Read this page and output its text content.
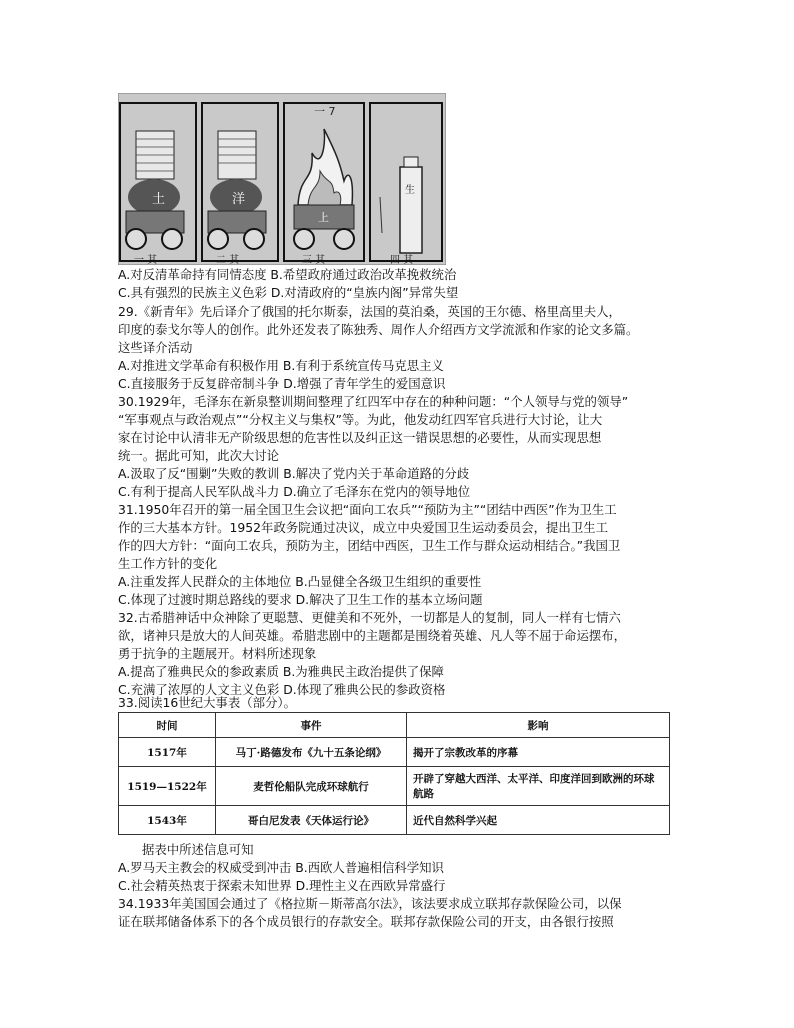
一 7
土	洋
上
生
一 其	二 其	三 其	四 其
A.对反清革命持有同情态度 B.希望政府通过政治改革挽救统治
C.具有强烈的民族主义色彩 D.对清政府的“皇族内阁”异常失望
29.《新青年》先后译介了俄国的托尔斯泰，法国的莫泊桑，英国的王尔德、格里高里夫人，
印度的泰戈尔等人的创作。此外还发表了陈独秀、周作人介绍西方文学流派和作家的论文多篇。
这些译介活动
A.对推进文学革命有积极作用 B.有利于系统宣传马克思主义
C.直接服务于反复辟帝制斗争 D.增强了青年学生的爱国意识
30.1929年，毛泽东在新泉整训期间整理了红四军中存在的种种问题：“个人领导与党的领导”
“军事观点与政治观点”“分权主义与集权”等。为此，他发动红四军官兵进行大讨论，让大
家在讨论中认清非无产阶级思想的危害性以及纠正这一错误思想的必要性，从而实现思想
统一。据此可知，此次大讨论
A.汲取了反“围剿”失败的教训 B.解决了党内关于革命道路的分歧
C.有利于提高人民军队战斗力 D.确立了毛泽东在党内的领导地位
31.1950年召开的第一届全国卫生会议把“面向工农兵”“预防为主”“团结中西医”作为卫生工
作的三大基本方针。1952年政务院通过决议，成立中央爱国卫生运动委员会，提出卫生工
作的四大方针：“面向工农兵，预防为主，团结中西医，卫生工作与群众运动相结合。”我国卫
生工作方针的变化
A.注重发挥人民群众的主体地位 B.凸显健全各级卫生组织的重要性
C.体现了过渡时期总路线的要求 D.解决了卫生工作的基本立场问题
32.古希腊神话中众神除了更聪慧、更健美和不死外，一切都是人的复制，同人一样有七情六
欲，诸神只是放大的人间英雄。希腊悲剧中的主题都是围绕着英雄、凡人等不屈于命运摆布，
勇于抗争的主题展开。材料所述现象
A.提高了雅典民众的参政素质 B.为雅典民主政治提供了保障
C.充满了浓厚的人文主义色彩 D.体现了雅典公民的参政资格
33.阅读16世纪大事表（部分）。
时间	事件	影响
1517年	马丁·路德发布《九十五条论纲》	揭开了宗教改革的序幕
1519—1522年	麦哲伦船队完成环球航行	开辟了穿越大西洋、太平洋、印度洋回到欧洲的环球航路
1543年	哥白尼发表《天体运行论》	近代自然科学兴起
据表中所述信息可知
A.罗马天主教会的权威受到冲击 B.西欧人普遍相信科学知识
C.社会精英热衷于探索未知世界 D.理性主义在西欧异常盛行
34.1933年美国国会通过了《格拉斯－斯蒂高尔法》，该法要求成立联邦存款保险公司，以保
证在联邦储备体系下的各个成员银行的存款安全。联邦存款保险公司的开支，由各银行按照
